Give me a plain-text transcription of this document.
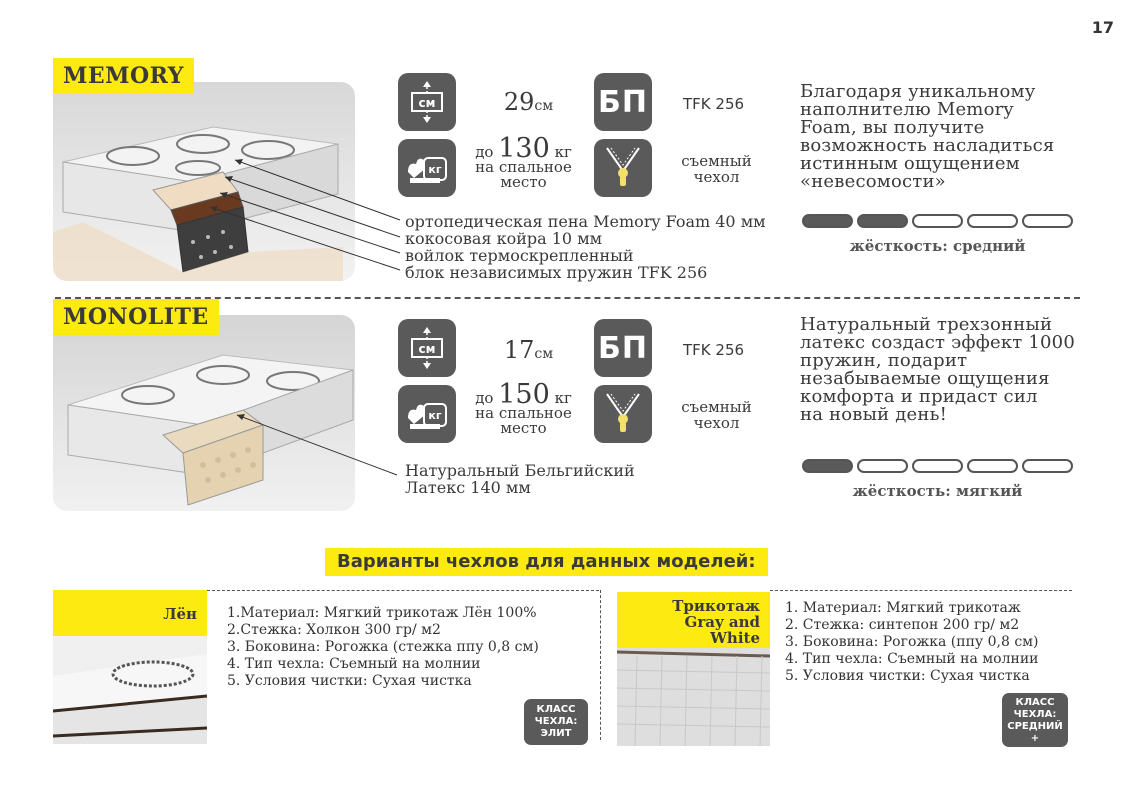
17
MEMORY
см	29см	БП TFK 256
кг
до 130 кг
на спальное
место
съемный
чехол
Благодаря уникальному
наполнителю Memory
Foam, вы получите
возможность насладиться
истинным ощущением
«невесомости»
ортопедическая пена Memory Foam 40 мм
кокосовая койра 10 мм
войлок термоскрепленный
блок независимых пружин TFK 256
жёсткость: средний
MONOLITE
см	17см	БП TFK 256
кг
до 150 кг
на спальное
место
съемный
чехол
Натуральный трехзонный
латекс создаст эффект 1000
пружин, подарит
незабываемые ощущения
комфорта и придаст сил
на новый день!
Натуральный Бельгийский
Латекс 140 мм	жёсткость: мягкий
Варианты чехлов для данных моделей:
Лён 1.Материал: Мягкий трикотаж Лён 100%
2.Стежка: Холкон 300 гр/ м2
3. Боковина: Рогожка (стежка ппу 0,8 см)
4. Тип чехла: Съемный на молнии
5. Условия чистки: Сухая чистка
КЛАСС
ЧЕХЛА:
ЭЛИТ
Трикотаж
Gray and
White
1. Материал: Мягкий трикотаж
2. Стежка: синтепон 200 гр/ м2
3. Боковина: Рогожка (ппу 0,8 см)
4. Тип чехла: Съемный на молнии
5. Условия чистки: Сухая чистка
КЛАСС
ЧЕХЛА:
СРЕДНИЙ
+
